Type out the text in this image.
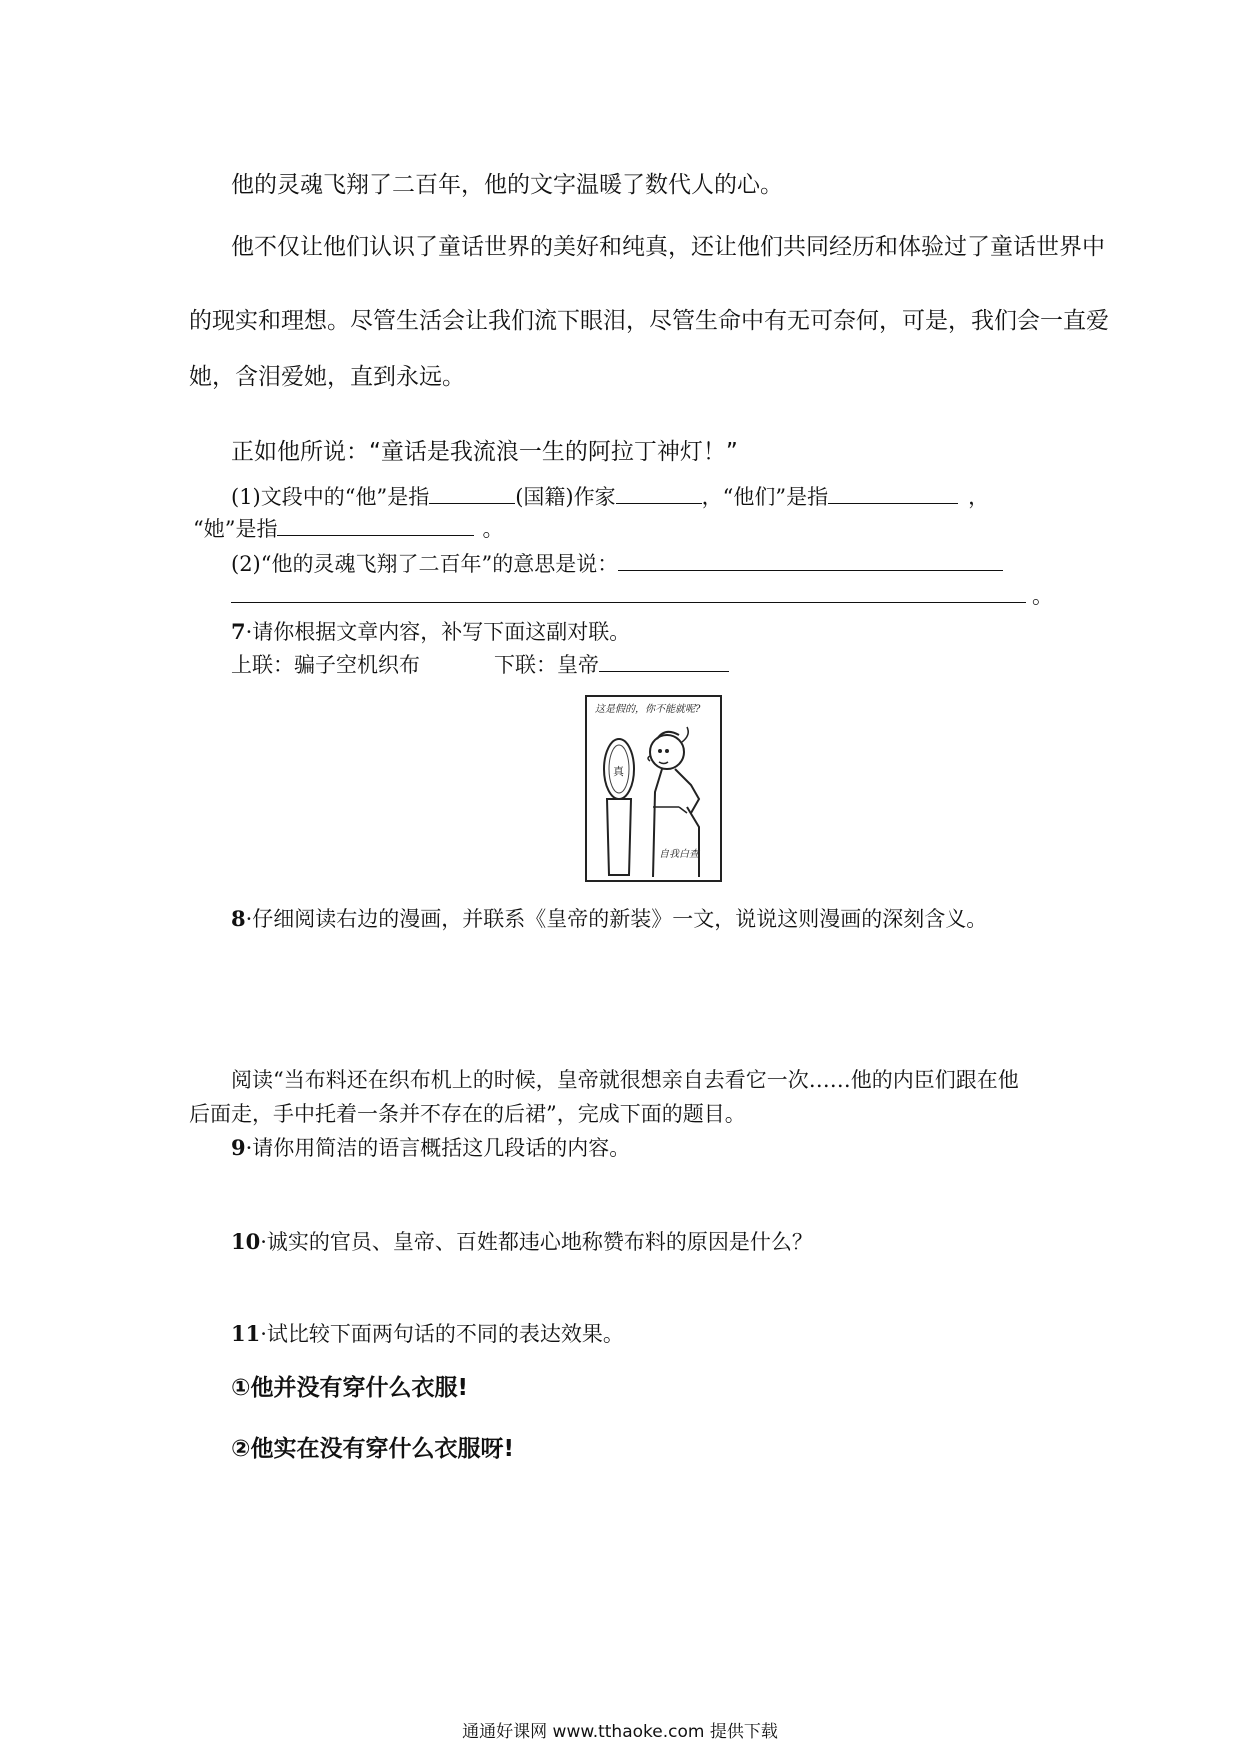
他的灵魂飞翔了二百年，他的文字温暖了数代人的心。
他不仅让他们认识了童话世界的美好和纯真，还让他们共同经历和体验过了童话世界中
的现实和理想。尽管生活会让我们流下眼泪，尽管生命中有无可奈何，可是，我们会一直爱
她，含泪爱她，直到永远。
正如他所说：“童话是我流浪一生的阿拉丁神灯！”
(1)文段中的“他”是指	(国籍)作家	，“他们”是指	，
“她”是指	。
(2)“他的灵魂飞翔了二百年”的意思是说：
。
7·请你根据文章内容，补写下面这副对联。
上联：骗子空机织布	下联：皇帝
这是假的，你不能就呢?
真
自我白查
8·仔细阅读右边的漫画，并联系《皇帝的新装》一文，说说这则漫画的深刻含义。
阅读“当布料还在织布机上的时候，皇帝就很想亲自去看它一次……他的内臣们跟在他
后面走，手中托着一条并不存在的后裙”，完成下面的题目。
9·请你用简洁的语言概括这几段话的内容。
10·诚实的官员、皇帝、百姓都违心地称赞布料的原因是什么？
11·试比较下面两句话的不同的表达效果。
①他并没有穿什么衣服!
②他实在没有穿什么衣服呀!
通通好课网 www.tthaoke.com 提供下载
